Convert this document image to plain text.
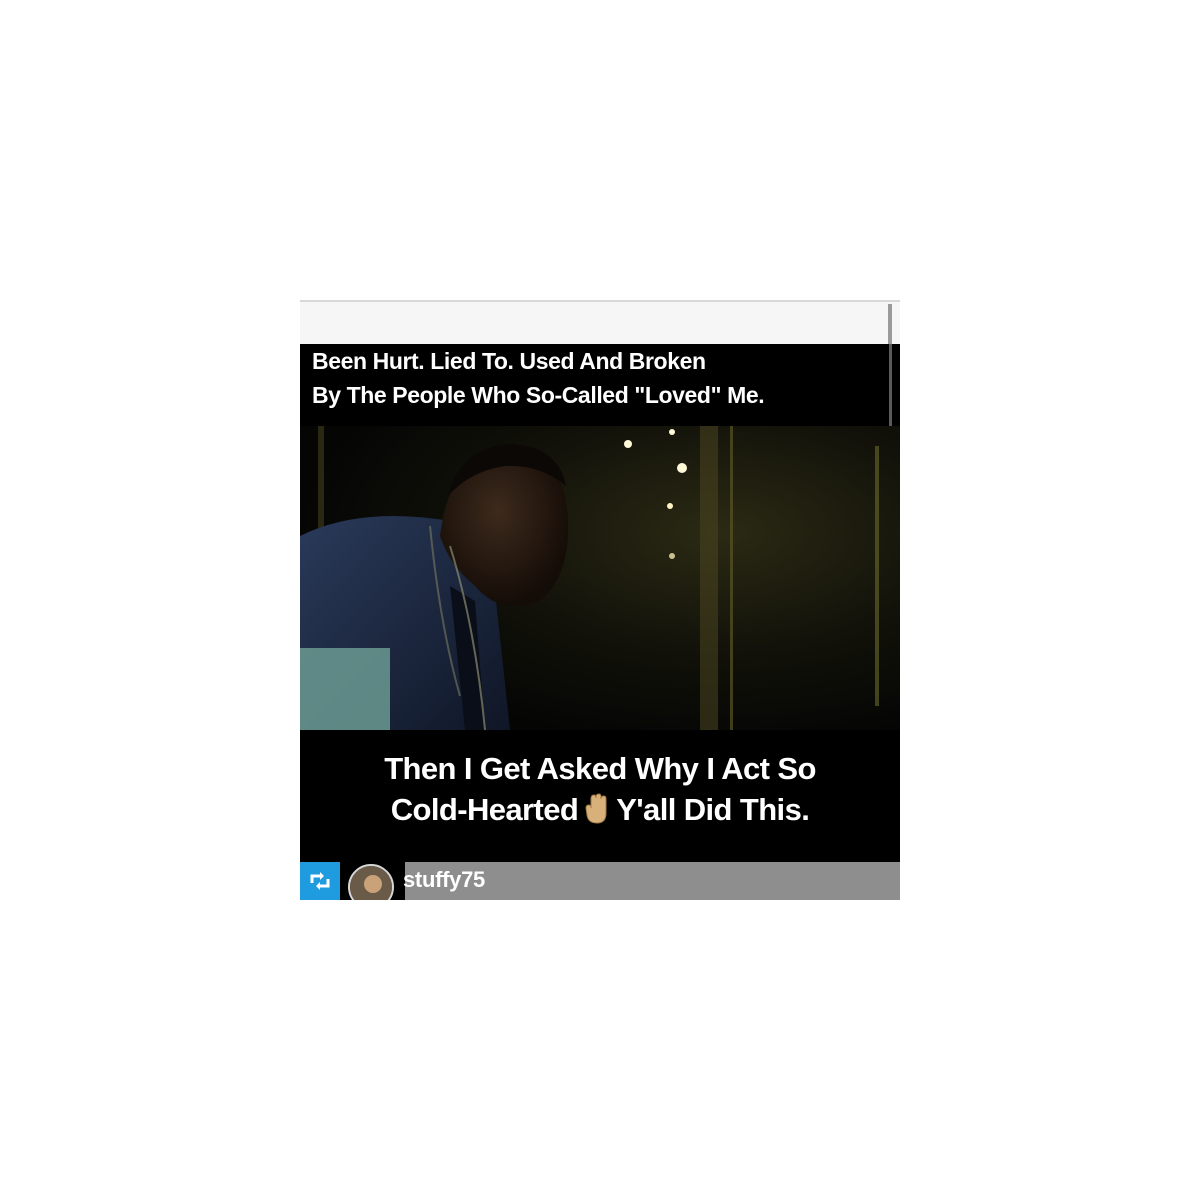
Been Hurt. Lied To. Used And Broken
By The People Who So-Called "Loved" Me.
Then I Get Asked Why I Act So
Cold-Hearted Y'all Did This.
stuffy75
